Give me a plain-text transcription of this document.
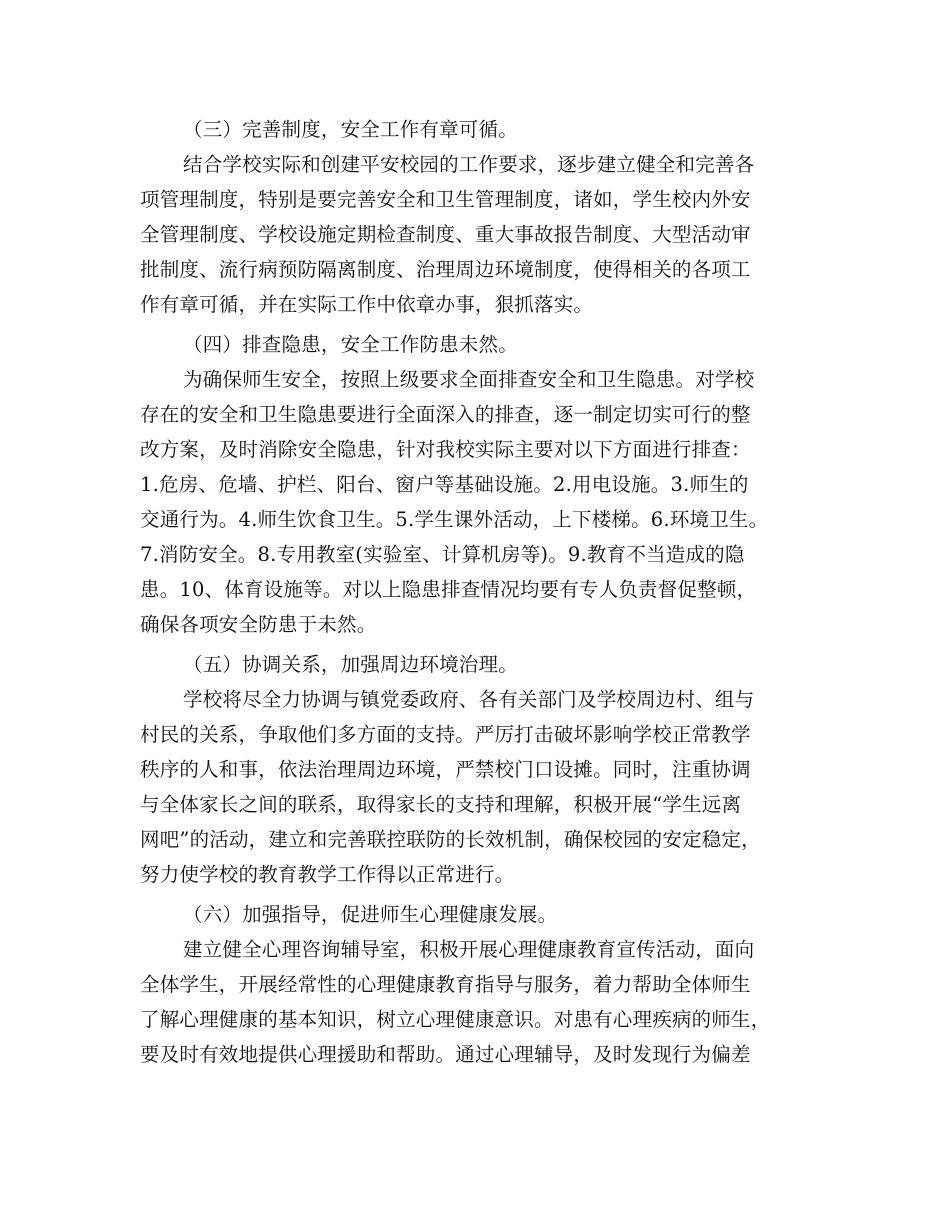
（三）完善制度，安全工作有章可循。
结合学校实际和创建平安校园的工作要求，逐步建立健全和完善各
项管理制度，特别是要完善安全和卫生管理制度，诸如，学生校内外安
全管理制度、学校设施定期检查制度、重大事故报告制度、大型活动审
批制度、流行病预防隔离制度、治理周边环境制度，使得相关的各项工
作有章可循，并在实际工作中依章办事，狠抓落实。
（四）排查隐患，安全工作防患未然。
为确保师生安全，按照上级要求全面排查安全和卫生隐患。对学校
存在的安全和卫生隐患要进行全面深入的排查，逐一制定切实可行的整
改方案，及时消除安全隐患，针对我校实际主要对以下方面进行排查：
1.危房、危墙、护栏、阳台、窗户等基础设施。2.用电设施。3.师生的
交通行为。4.师生饮食卫生。5.学生课外活动，上下楼梯。6.环境卫生。
7.消防安全。8.专用教室(实验室、计算机房等)。9.教育不当造成的隐
患。10、体育设施等。对以上隐患排查情况均要有专人负责督促整顿，
确保各项安全防患于未然。
（五）协调关系，加强周边环境治理。
学校将尽全力协调与镇党委政府、各有关部门及学校周边村、组与
村民的关系，争取他们多方面的支持。严厉打击破坏影响学校正常教学
秩序的人和事，依法治理周边环境，严禁校门口设摊。同时，注重协调
与全体家长之间的联系，取得家长的支持和理解，积极开展“学生远离
网吧”的活动，建立和完善联控联防的长效机制，确保校园的安定稳定，
努力使学校的教育教学工作得以正常进行。
（六）加强指导，促进师生心理健康发展。
建立健全心理咨询辅导室，积极开展心理健康教育宣传活动，面向
全体学生，开展经常性的心理健康教育指导与服务，着力帮助全体师生
了解心理健康的基本知识，树立心理健康意识。对患有心理疾病的师生，
要及时有效地提供心理援助和帮助。通过心理辅导，及时发现行为偏差
